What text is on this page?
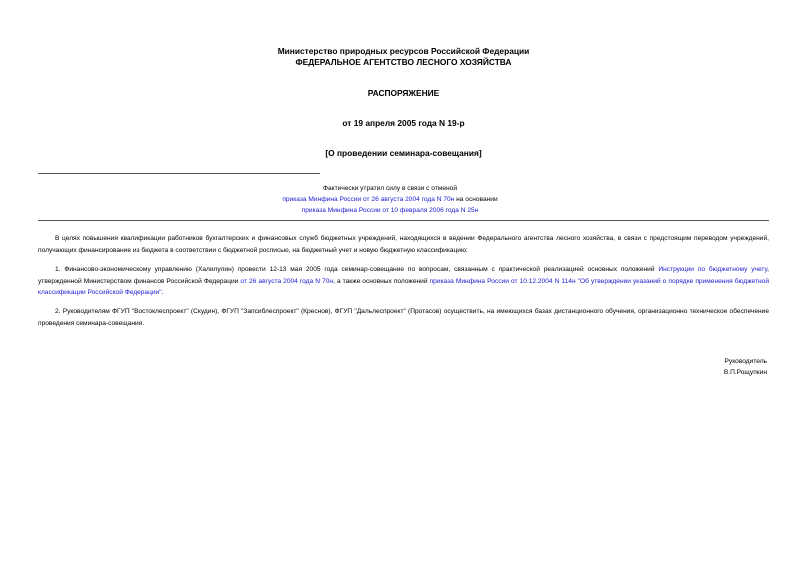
Министерство природных ресурсов Российской Федерации
ФЕДЕРАЛЬНОЕ АГЕНТСТВО ЛЕСНОГО ХОЗЯЙСТВА
РАСПОРЯЖЕНИЕ
от 19 апреля 2005 года N 19-р
[О проведении семинара-совещания]
Фактически утратил силу в связи с отменой
приказа Минфина России от 26 августа 2004 года N 70н на основании
приказа Минфина России от 10 февраля 2006 года N 25н
В целях повышения квалификации работников бухгалтерских и финансовых служб бюджетных учреждений, находящихся в ведении Федерального агентства лесного хозяйства, в связи с предстоящим переводом учреждений, получающих финансирование из бюджета в соответствии с бюджетной росписью, на бюджетный учет и новую бюджетную классификацию:
1. Финансово-экономическому управлению (Халилулин) провести 12-13 мая 2005 года семинар-совещание по вопросам, связанным с практической реализацией основных положений Инструкции по бюджетному учету, утвержденной Министерством финансов Российской Федерации от 26 августа 2004 года N 70н, а также основных положений приказа Минфина России от 10.12.2004 N 114н "Об утверждении указаний о порядке применения бюджетной классификации Российской Федерации".
2. Руководителям ФГУП "Востоклеспроект" (Скудин), ФГУП "Запсиблеспроект" (Креснов), ФГУП "Дальлеспроект" (Протасов) осуществить, на имеющихся базах дистанционного обучения, организационно техническое обеспечение проведения семинара-совещания.
Руководитель
В.П.Рощупкин
